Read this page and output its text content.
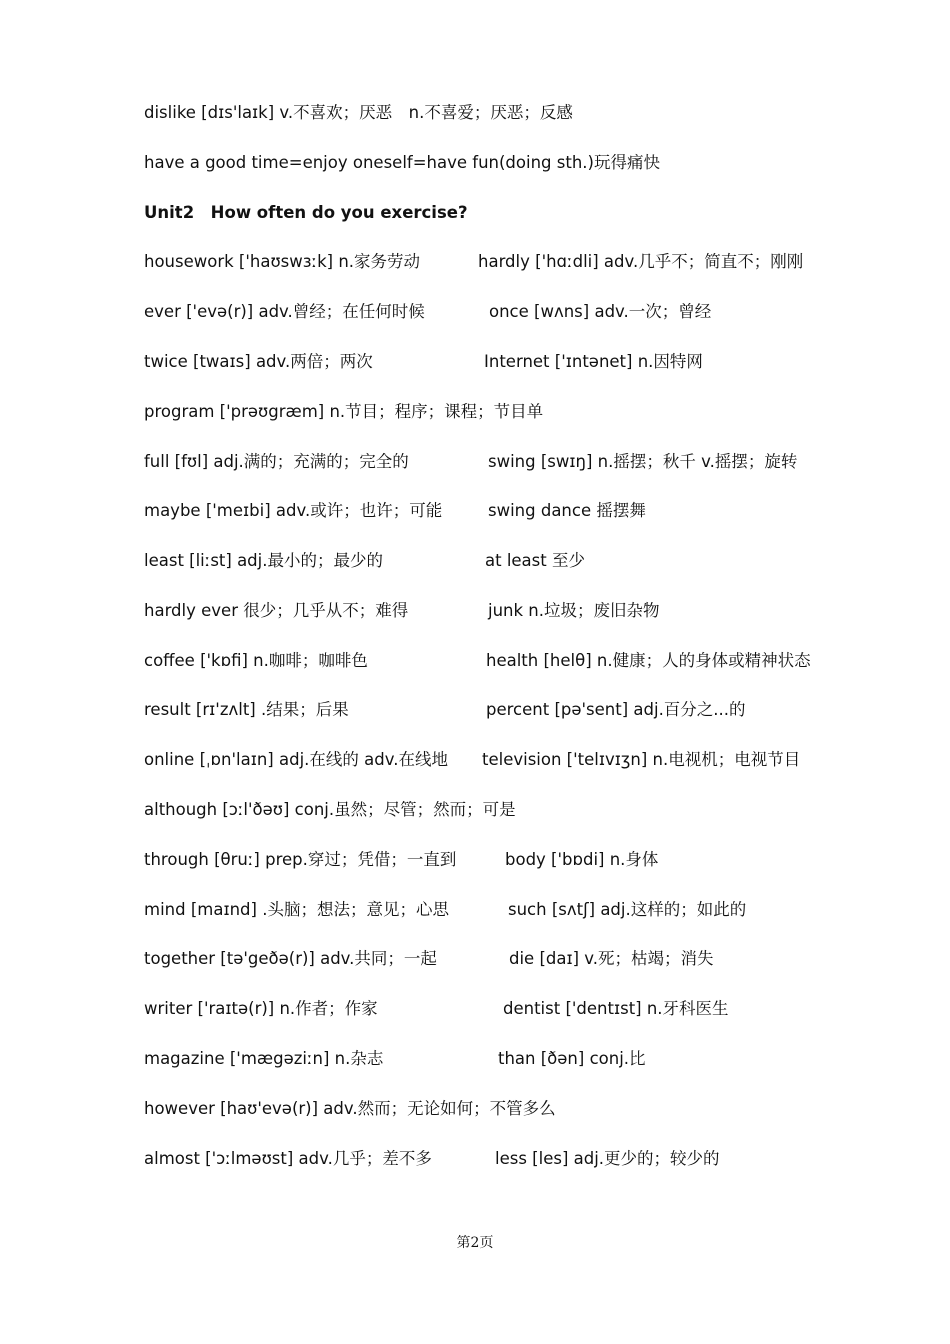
dislike [dɪs'laɪk] v.不喜欢；厌恶　n.不喜爱；厌恶；反感
have a good time=enjoy oneself=have fun(doing sth.)玩得痛快
Unit2　How often do you exercise?
housework ['haʊswɜːk] n.家务劳动	hardly ['hɑːdli] adv.几乎不；简直不；刚刚
ever ['evə(r)] adv.曾经；在任何时候	once [wʌns] adv.一次；曾经
twice [twaɪs] adv.两倍；两次	Internet ['ɪntənet] n.因特网
program ['prəʊgræm] n.节目；程序；课程；节目单
full [fʊl] adj.满的；充满的；完全的	swing [swɪŋ] n.摇摆；秋千 v.摇摆；旋转
maybe ['meɪbi] adv.或许；也许；可能	swing dance 摇摆舞
least [liːst] adj.最小的；最少的	at least 至少
hardly ever 很少；几乎从不；难得	junk n.垃圾；废旧杂物
coffee ['kɒfi] n.咖啡；咖啡色	health [helθ] n.健康；人的身体或精神状态
result [rɪ'zʌlt] .结果；后果	percent [pə'sent] adj.百分之...的
online [ˌɒn'laɪn] adj.在线的 adv.在线地 television ['telɪvɪʒn] n.电视机；电视节目
although [ɔːl'ðəʊ] conj.虽然；尽管；然而；可是
through [θruː] prep.穿过；凭借；一直到	body ['bɒdi] n.身体
mind [maɪnd] .头脑；想法；意见；心思	such [sʌtʃ] adj.这样的；如此的
together [tə'geðə(r)] adv.共同；一起	die [daɪ] v.死；枯竭；消失
writer ['raɪtə(r)] n.作者；作家	dentist ['dentɪst] n.牙科医生
magazine ['mægəziːn] n.杂志	than [ðən] conj.比
however [haʊ'evə(r)] adv.然而；无论如何；不管多么
almost ['ɔːlməʊst] adv.几乎；差不多	less [les] adj.更少的；较少的
第2页
